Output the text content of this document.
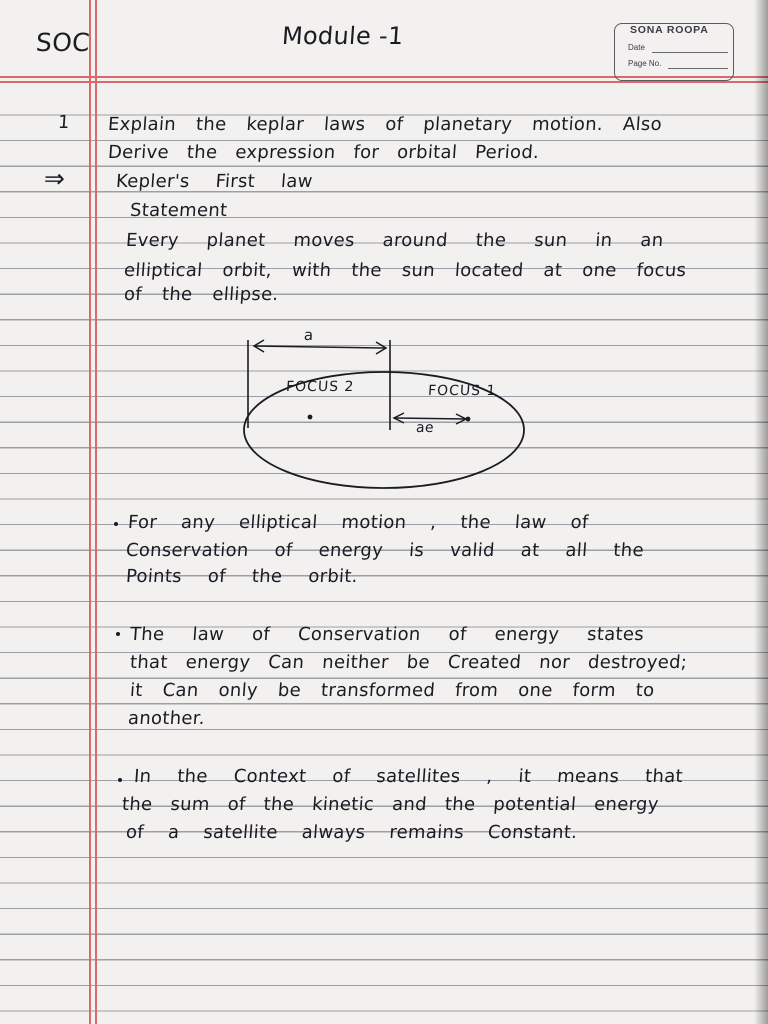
SOC	Module -1	SONA ROOPA
Date
Page No.
1 Explain the keplar laws of planetary motion. Also
Derive the expression for orbital Period.
⇒	Kepler's First law
Statement
Every planet moves around the sun in an
elliptical orbit, with the sun located at one focus
of the ellipse.
a
FOCUS 2	FOCUS 1
ae
For any elliptical motion , the law of
Conservation of energy is valid at all the
Points of the orbit.
The law of Conservation of energy states
that energy Can neither be Created nor destroyed;
it Can only be transformed from one form to
another.
In the Context of satellites , it means that
the sum of the kinetic and the potential energy
of a satellite always remains Constant.
